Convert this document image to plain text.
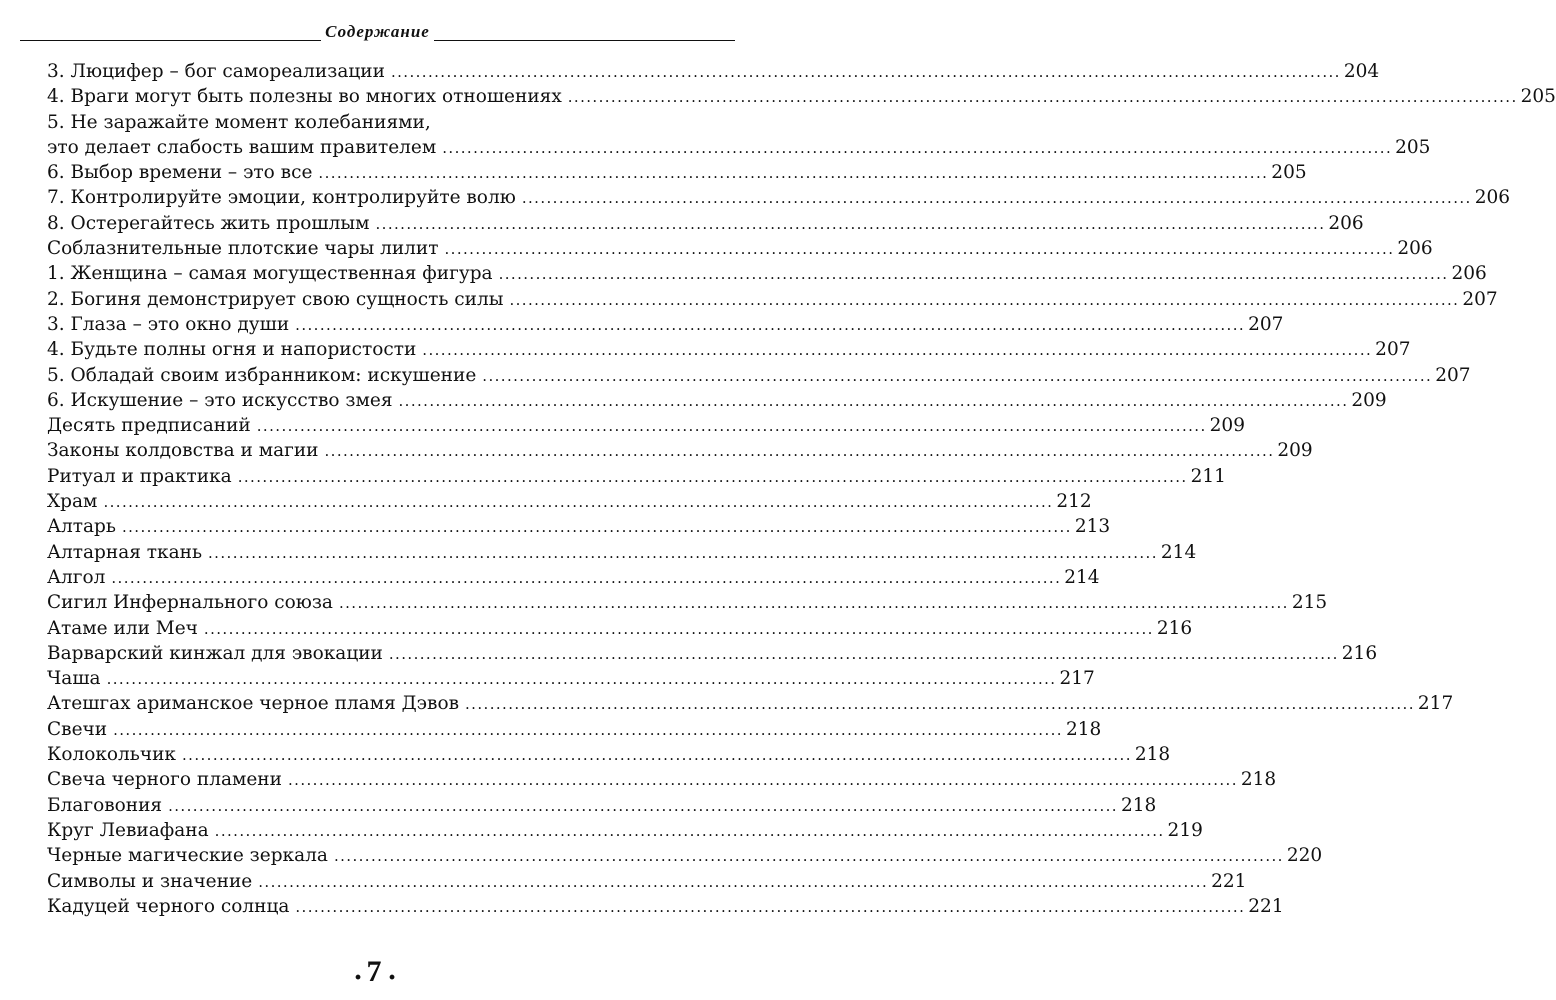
Содержание
3. Люцифер – бог самореализации .....	204
4. Враги могут быть полезны во многих отношениях .....	205
5. Не заражайте момент колебаниями,
это делает слабость вашим правителем .....	205
6. Выбор времени – это все .....	205
7. Контролируйте эмоции, контролируйте волю .....	206
8. Остерегайтесь жить прошлым .....	206
Соблазнительные плотские чары лилит .....	206
1. Женщина – самая могущественная фигура .....	206
2. Богиня демонстрирует свою сущность силы .....	207
3. Глаза – это окно души .....	207
4. Будьте полны огня и напористости .....	207
5. Обладай своим избранником: искушение .....	207
6. Искушение – это искусство змея .....	209
Десять предписаний .....	209
Законы колдовства и магии .....	209
Ритуал и практика .....	211
Храм .....	212
Алтарь .....	213
Алтарная ткань .....	214
Алгол .....	214
Сигил Инфернального союза .....	215
Атаме или Меч .....	216
Варварский кинжал для эвокации .....	216
Чаша .....	217
Атешгах ариманское черное пламя Дэвов .....	217
Свечи .....	218
Колокольчик .....	218
Свеча черного пламени .....	218
Благовония .....	218
Круг Левиафана .....	219
Черные магические зеркала .....	220
Символы и значение .....	221
Кадуцей черного солнца .....	221
. 7 .
